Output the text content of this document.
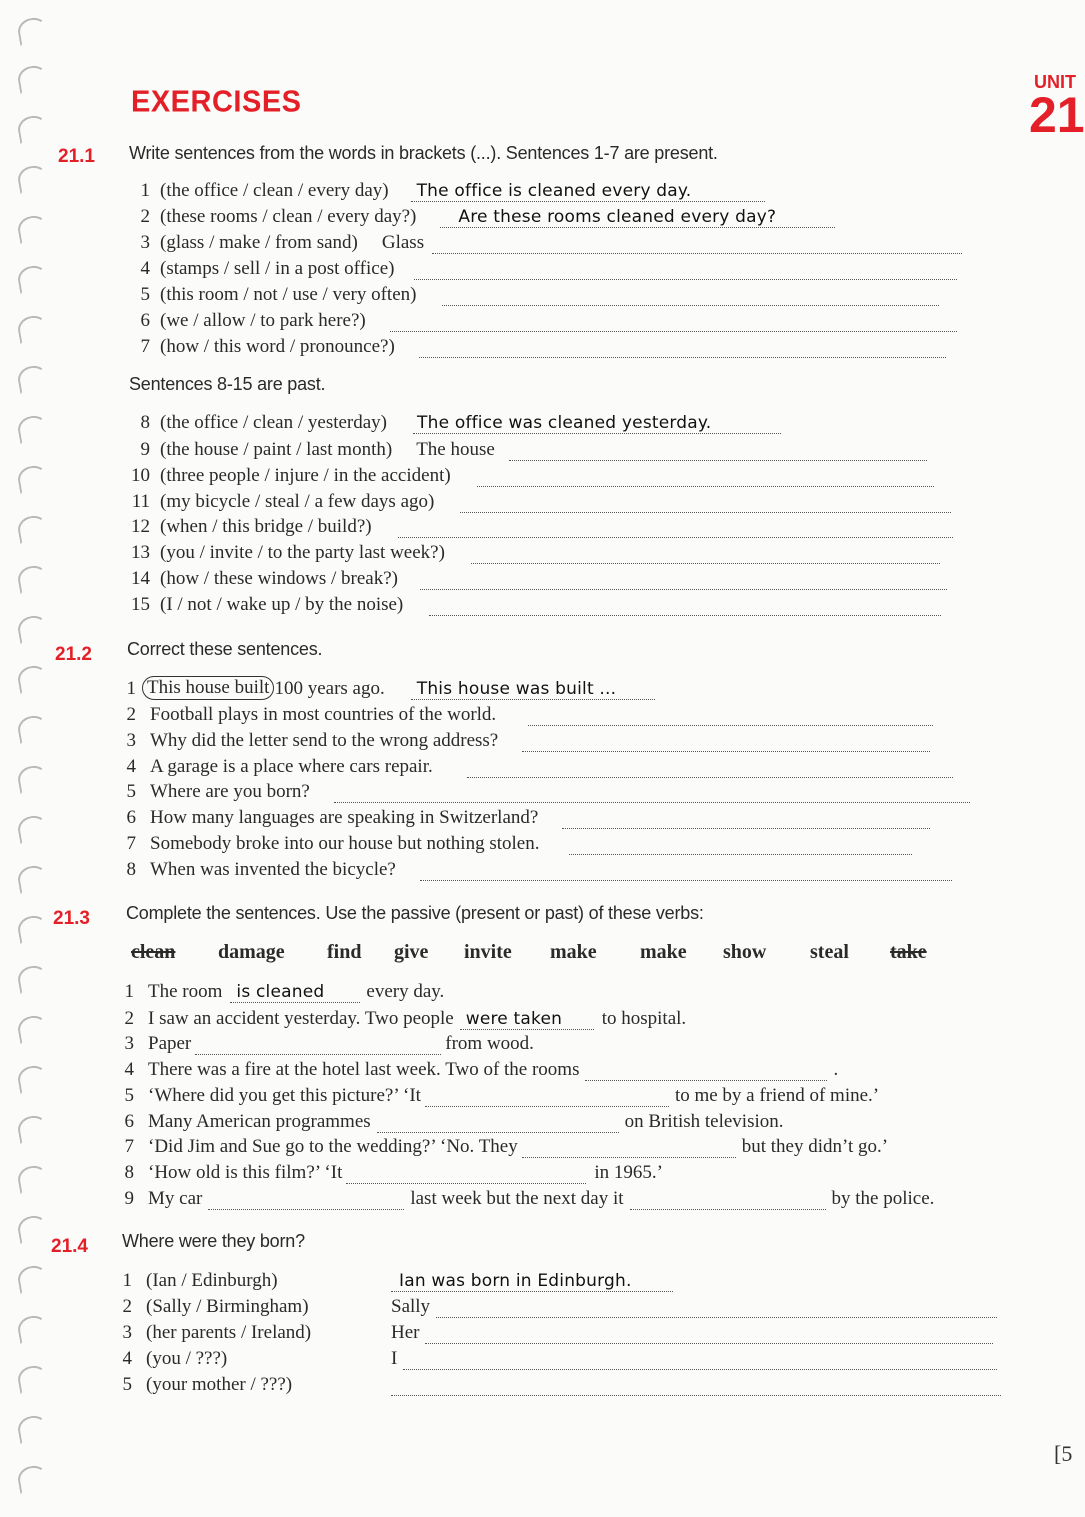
EXERCISES
UNIT
21
21.1 Write sentences from the words in brackets (...). Sentences 1-7 are present.
1 (the office / clean / every day) The office is cleaned every day.
2 (these rooms / clean / every day?) Are these rooms cleaned every day?
3 (glass / make / from sand) Glass
4 (stamps / sell / in a post office)
5 (this room / not / use / very often)
6 (we / allow / to park here?)
7 (how / this word / pronounce?)
Sentences 8-15 are past.
8 (the office / clean / yesterday) The office was cleaned yesterday.
9 (the house / paint / last month) The house
10 (three people / injure / in the accident)
11 (my bicycle / steal / a few days ago)
12 (when / this bridge / build?)
13 (you / invite / to the party last week?)
14 (how / these windows / break?)
15 (I / not / wake up / by the noise)
21.2 Correct these sentences.
1 This house built 100 years ago. This house was built ...
2 Football plays in most countries of the world.
3 Why did the letter send to the wrong address?
4 A garage is a place where cars repair.
5 Where are you born?
6 How many languages are speaking in Switzerland?
7 Somebody broke into our house but nothing stolen.
8 When was invented the bicycle?
21.3 Complete the sentences. Use the passive (present or past) of these verbs:
clean damage find give invite make make show steal take
1 The room is cleaned every day.
2 I saw an accident yesterday. Two people were taken to hospital.
3 Paper	from wood.
4 There was a fire at the hotel last week. Two of the rooms	.
5 ‘Where did you get this picture?’ ‘It	to me by a friend of mine.’
6 Many American programmes	on British television.
7 ‘Did Jim and Sue go to the wedding?’ ‘No. They	but they didn’t go.’
8 ‘How old is this film?’ ‘It	in 1965.’
9 My car	last week but the next day it	by the police.
21.4 Where were they born?
1 (Ian / Edinburgh)	Ian was born in Edinburgh.
2 (Sally / Birmingham)	Sally
3 (her parents / Ireland)	Her
4 (you / ???)	I
5 (your mother / ???)
[5
